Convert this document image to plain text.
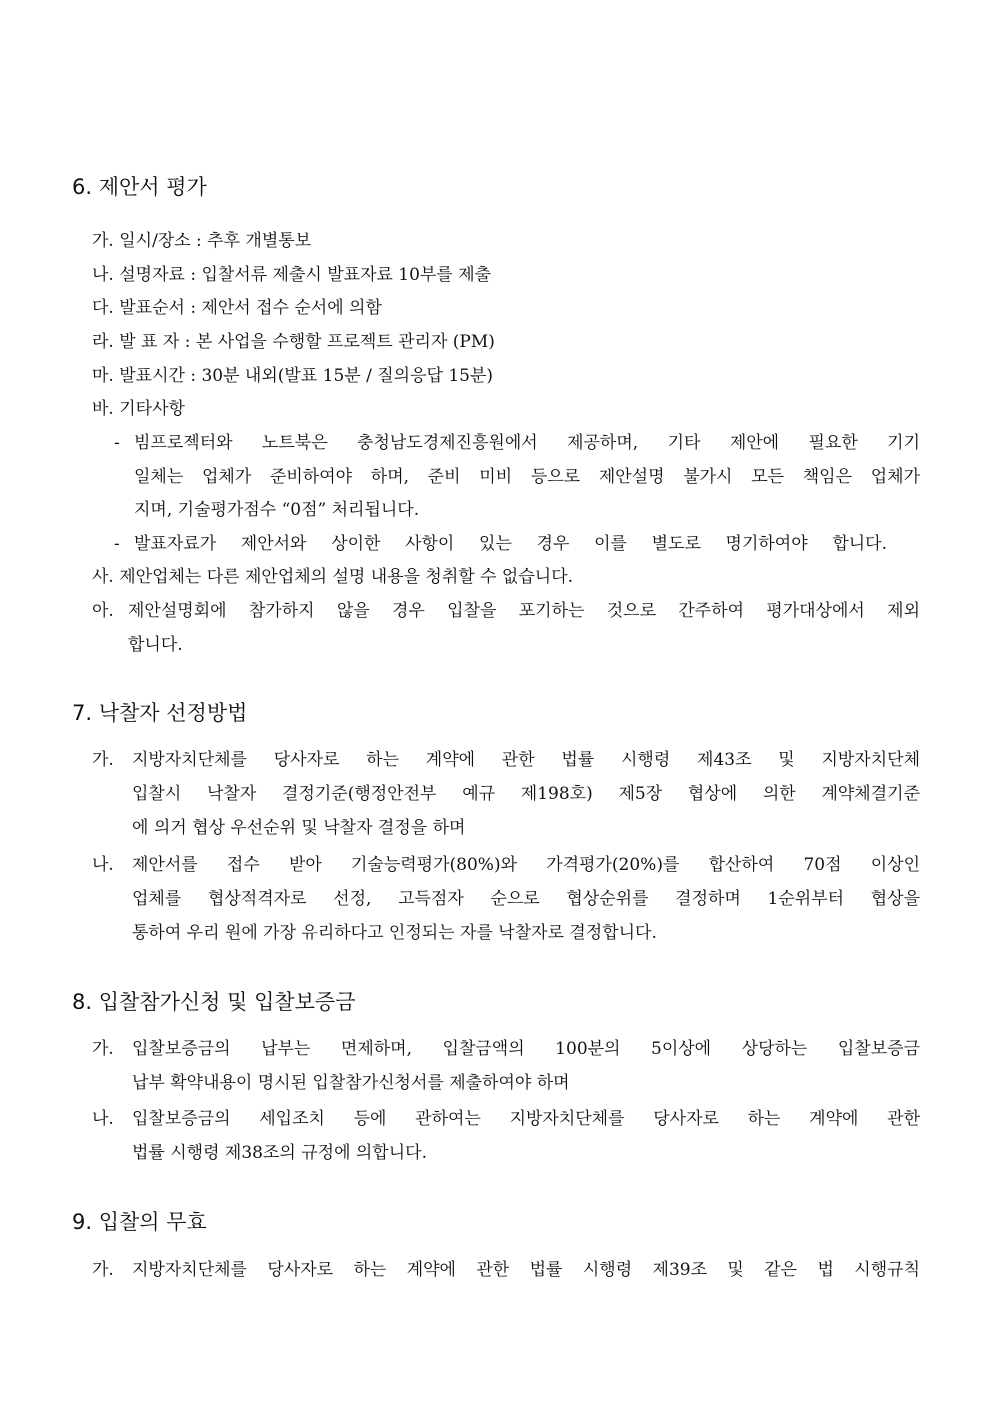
6. 제안서 평가
가. 일시/장소 : 추후 개별통보
나. 설명자료 : 입찰서류 제출시 발표자료 10부를 제출
다. 발표순서 : 제안서 접수 순서에 의함
라. 발 표 자 : 본 사업을 수행할 프로젝트 관리자 (PM)
마. 발표시간 : 30분 내외(발표 15분 / 질의응답 15분)
바. 기타사항
- 빔프로젝터와 노트북은 충청남도경제진흥원에서 제공하며, 기타 제안에 필요한 기기
일체는 업체가 준비하여야 하며, 준비 미비 등으로 제안설명 불가시 모든 책임은 업체가
지며, 기술평가점수 “0점” 처리됩니다.
- 발표자료가 제안서와 상이한 사항이 있는 경우 이를 별도로 명기하여야 합니다.
사. 제안업체는 다른 제안업체의 설명 내용을 청취할 수 없습니다.
아. 제안설명회에 참가하지 않을 경우 입찰을 포기하는 것으로 간주하여 평가대상에서 제외
합니다.
7. 낙찰자 선정방법
가. 지방자치단체를 당사자로 하는 계약에 관한 법률 시행령 제43조 및 지방자치단체
입찰시 낙찰자 결정기준(행정안전부 예규 제198호) 제5장 협상에 의한 계약체결기준
에 의거 협상 우선순위 및 낙찰자 결정을 하며
나. 제안서를 접수 받아 기술능력평가(80%)와 가격평가(20%)를 합산하여 70점 이상인
업체를 협상적격자로 선정, 고득점자 순으로 협상순위를 결정하며 1순위부터 협상을
통하여 우리 원에 가장 유리하다고 인정되는 자를 낙찰자로 결정합니다.
8. 입찰참가신청 및 입찰보증금
가. 입찰보증금의 납부는 면제하며, 입찰금액의 100분의 5이상에 상당하는 입찰보증금
납부 확약내용이 명시된 입찰참가신청서를 제출하여야 하며
나. 입찰보증금의 세입조치 등에 관하여는 지방자치단체를 당사자로 하는 계약에 관한
법률 시행령 제38조의 규정에 의합니다.
9. 입찰의 무효
가. 지방자치단체를 당사자로 하는 계약에 관한 법률 시행령 제39조 및 같은 법 시행규칙
